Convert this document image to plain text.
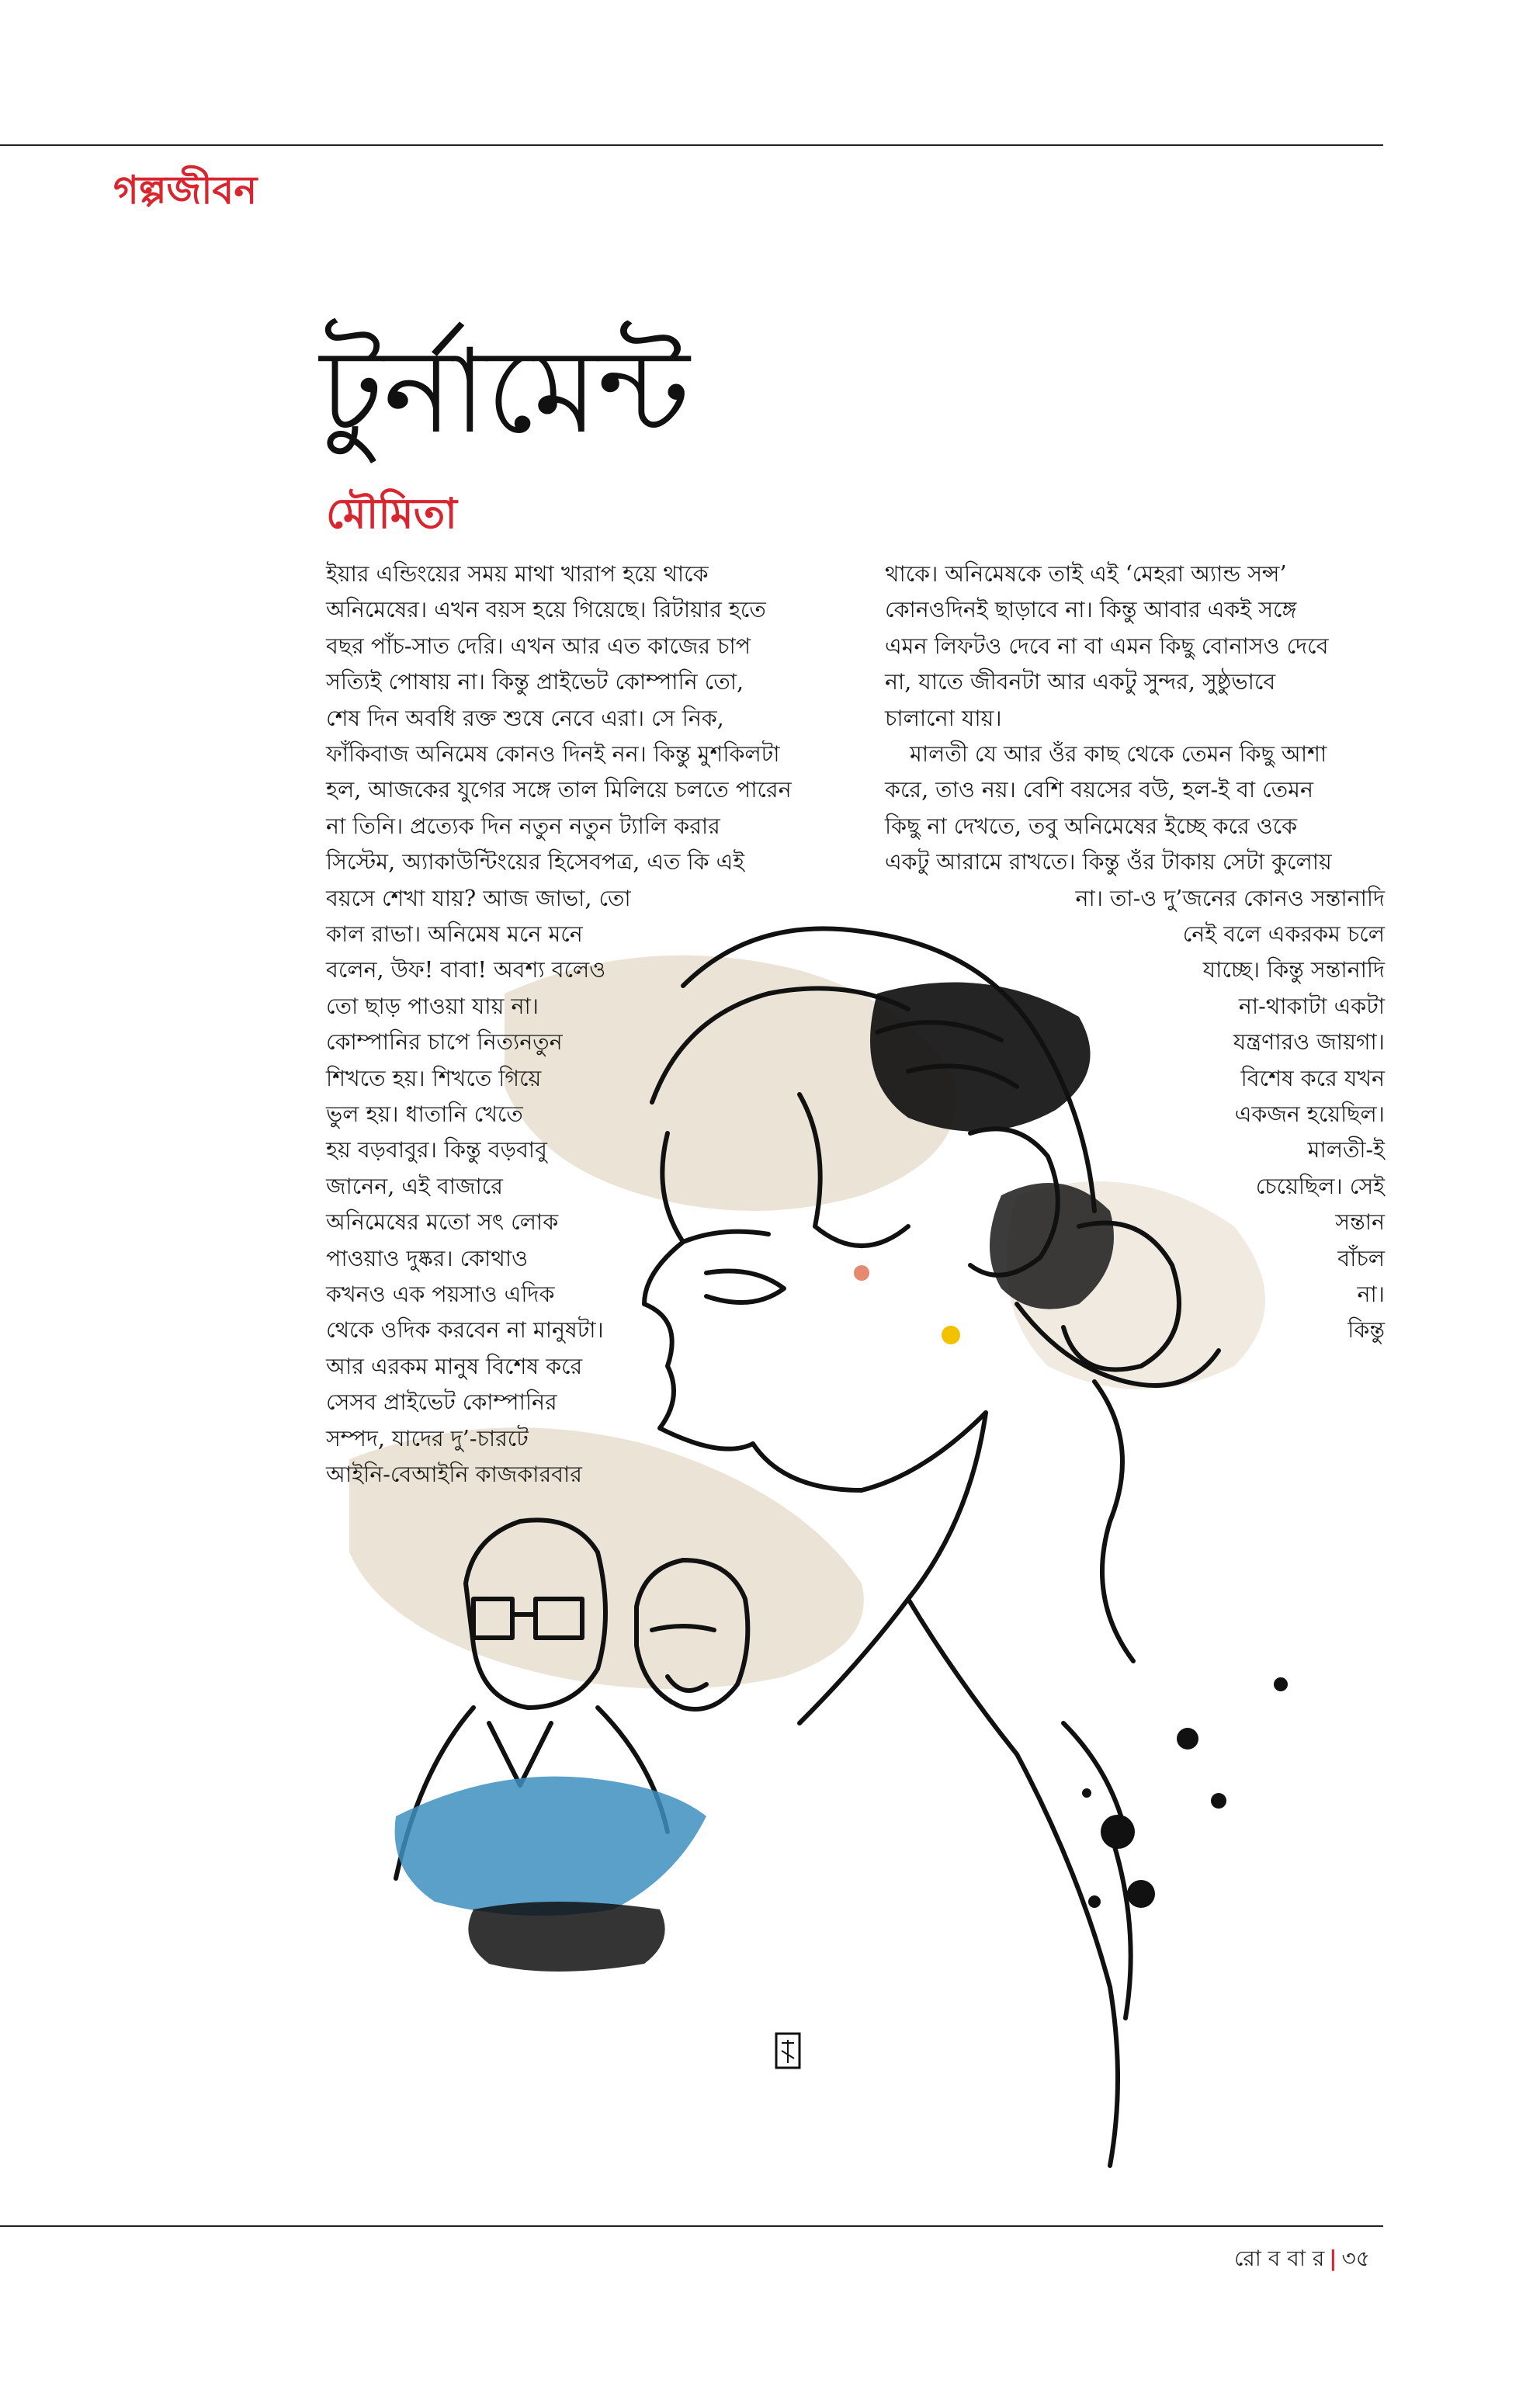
গল্পজীবন
টুর্নামেন্ট
মৌমিতা
রো ব বা র | ৩৫
ইয়ার এন্ডিংয়ের সময় মাথা খারাপ হয়ে থাকে
অনিমেষের। এখন বয়স হয়ে গিয়েছে। রিটায়ার হতে
বছর পাঁচ-সাত দেরি। এখন আর এত কাজের চাপ
সত্যিই পোষায় না। কিন্তু প্রাইভেট কোম্পানি তো,
শেষ দিন অবধি রক্ত শুষে নেবে এরা। সে নিক,
ফাঁকিবাজ অনিমেষ কোনও দিনই নন। কিন্তু মুশকিলটা
হল, আজকের যুগের সঙ্গে তাল মিলিয়ে চলতে পারেন
না তিনি। প্রত্যেক দিন নতুন নতুন ট্যালি করার
সিস্টেম, অ্যাকাউন্টিংয়ের হিসেবপত্র, এত কি এই
বয়সে শেখা যায়? আজ জাভা, তো
কাল রাভা। অনিমেষ মনে মনে
বলেন, উফ! বাবা! অবশ্য বলেও
তো ছাড় পাওয়া যায় না।
কোম্পানির চাপে নিত্যনতুন
শিখতে হয়। শিখতে গিয়ে
ভুল হয়। ধাতানি খেতে
হয় বড়বাবুর। কিন্তু বড়বাবু
জানেন, এই বাজারে
অনিমেষের মতো সৎ লোক
পাওয়াও দুষ্কর। কোথাও
কখনও এক পয়সাও এদিক
থেকে ওদিক করবেন না মানুষটা।
আর এরকম মানুষ বিশেষ করে
সেসব প্রাইভেট কোম্পানির
সম্পদ, যাদের দু’-চারটে
আইনি-বেআইনি কাজকারবার
থাকে। অনিমেষকে তাই এই ‘মেহরা অ্যান্ড সন্স’
কোনওদিনই ছাড়াবে না। কিন্তু আবার একই সঙ্গে
এমন লিফটও দেবে না বা এমন কিছু বোনাসও দেবে
না, যাতে জীবনটা আর একটু সুন্দর, সুষ্ঠুভাবে
চালানো যায়।
মালতী যে আর ওঁর কাছ থেকে তেমন কিছু আশা
করে, তাও নয়। বেশি বয়সের বউ, হল-ই বা তেমন
কিছু না দেখতে, তবু অনিমেষের ইচ্ছে করে ওকে
একটু আরামে রাখতে। কিন্তু ওঁর টাকায় সেটা কুলোয়
না। তা-ও দু’জনের কোনও সন্তানাদি
নেই বলে একরকম চলে
যাচ্ছে। কিন্তু সন্তানাদি
না-থাকাটা একটা
যন্ত্রণারও জায়গা।
বিশেষ করে যখন
একজন হয়েছিল।
মালতী-ই
চেয়েছিল। সেই
সন্তান
বাঁচল
না।
কিন্তু
